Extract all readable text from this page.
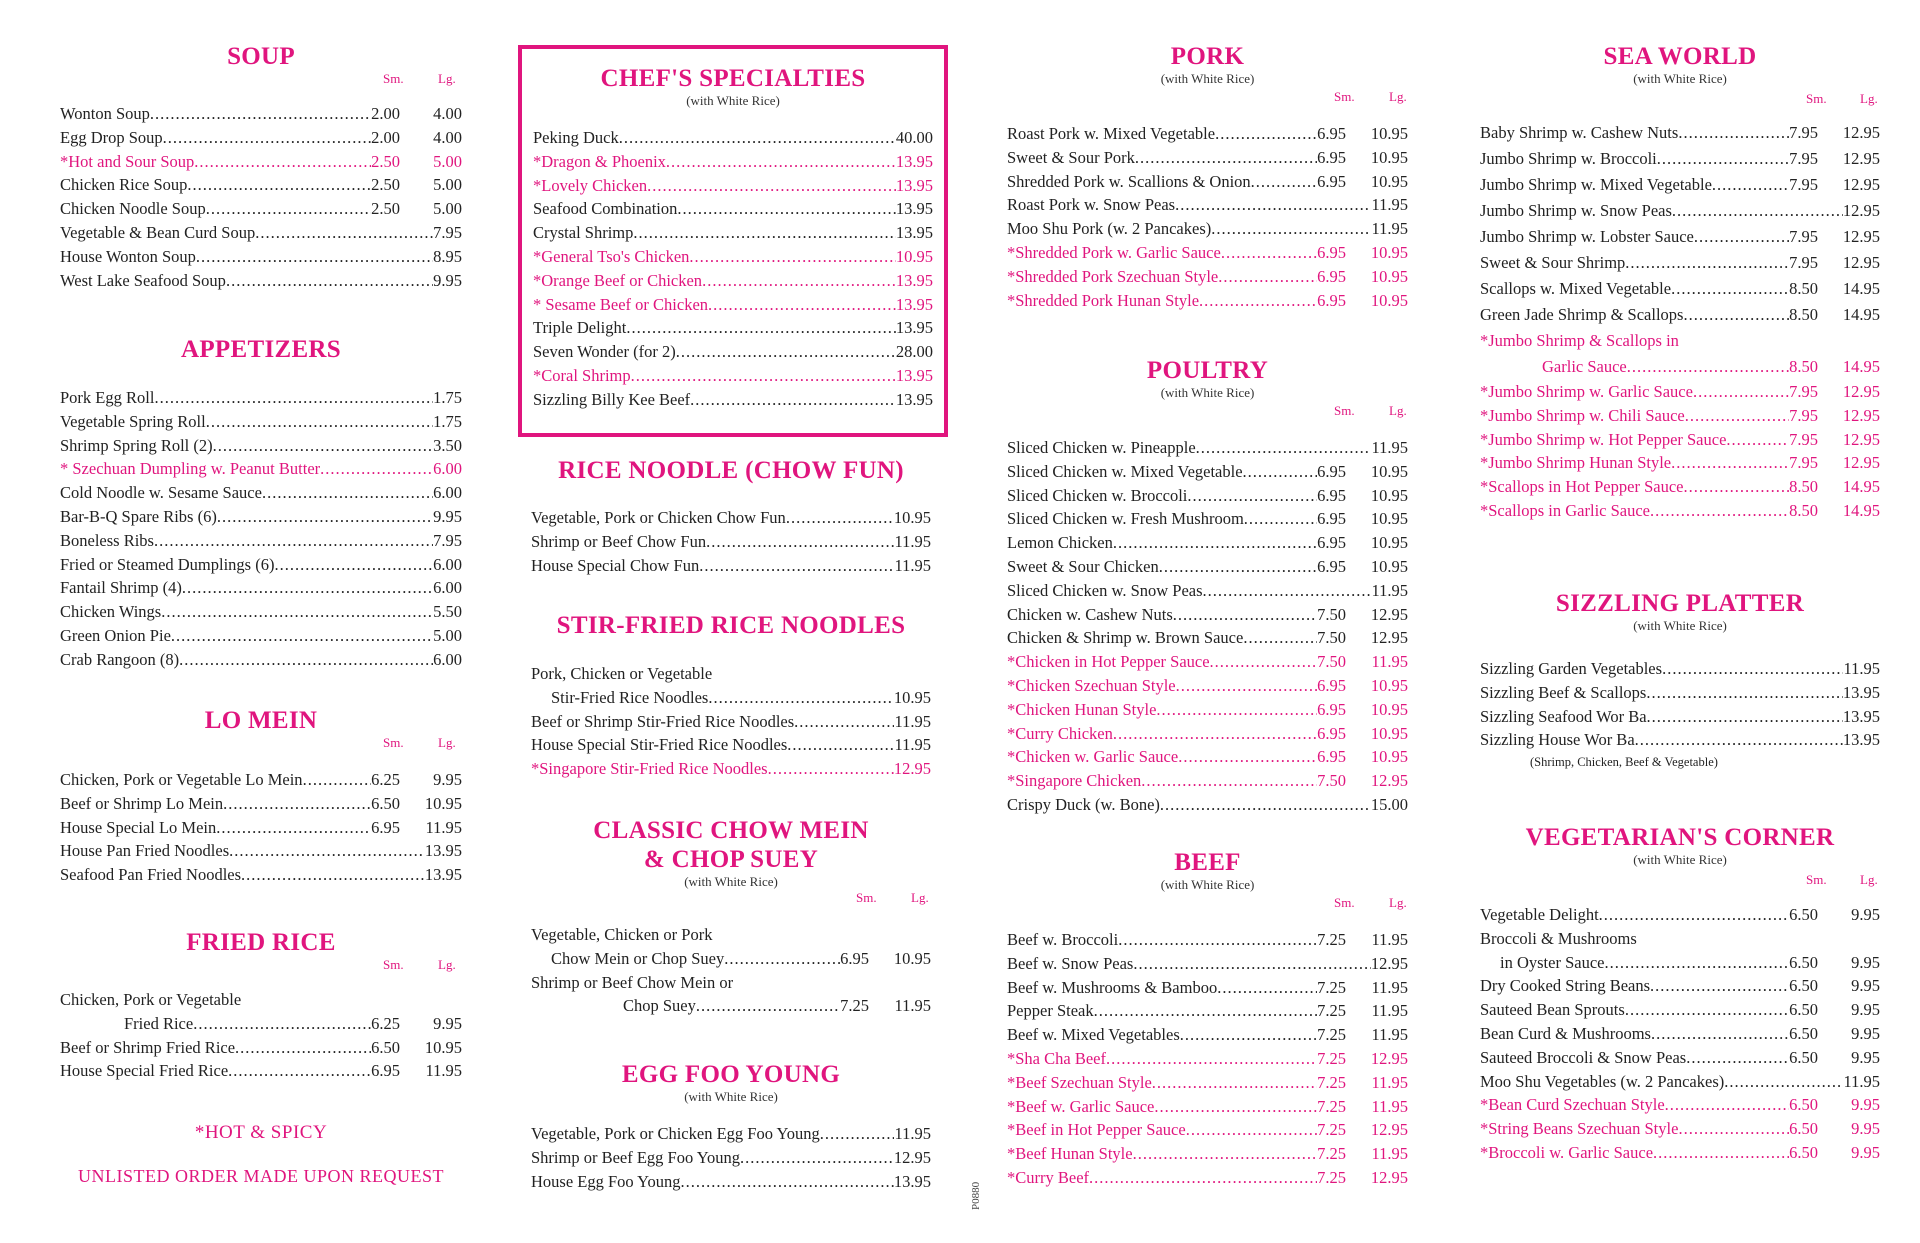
SOUP
Sm.	Lg.
Wonton Soup .....	2.00	4.00
Egg Drop Soup .....	2.00	4.00
*Hot and Sour Soup .....	2.50	5.00
Chicken Rice Soup .....	2.50	5.00
Chicken Noodle Soup .....	2.50	5.00
Vegetable & Bean Curd Soup .....	7.95
House Wonton Soup .....	8.95
West Lake Seafood Soup .....	9.95
APPETIZERS
Pork Egg Roll .....	1.75
Vegetable Spring Roll .....	1.75
Shrimp Spring Roll (2) .....	3.50
* Szechuan Dumpling w. Peanut Butter .....	6.00
Cold Noodle w. Sesame Sauce .....	6.00
Bar-B-Q Spare Ribs (6) .....	9.95
Boneless Ribs .....	7.95
Fried or Steamed Dumplings (6) .....	6.00
Fantail Shrimp (4) .....	6.00
Chicken Wings .....	5.50
Green Onion Pie .....	5.00
Crab Rangoon (8) .....	6.00
LO MEIN
Sm.	Lg.
Chicken, Pork or Vegetable Lo Mein .....	6.25	9.95
Beef or Shrimp Lo Mein .....	6.50	10.95
House Special Lo Mein .....	6.95	11.95
House Pan Fried Noodles .....	13.95
Seafood Pan Fried Noodles .....	13.95
FRIED RICE
Sm.	Lg.
Chicken, Pork or Vegetable
Fried Rice .....	6.25	9.95
Beef or Shrimp Fried Rice .....	6.50	10.95
House Special Fried Rice .....	6.95	11.95
*HOT & SPICY
UNLISTED ORDER MADE UPON REQUEST
CHEF'S SPECIALTIES
(with White Rice)
Peking Duck .....	40.00
*Dragon & Phoenix .....	13.95
*Lovely Chicken .....	13.95
Seafood Combination .....	13.95
Crystal Shrimp .....	13.95
*General Tso's Chicken .....	10.95
*Orange Beef or Chicken .....	13.95
* Sesame Beef or Chicken .....	13.95
Triple Delight .....	13.95
Seven Wonder (for 2) .....	28.00
*Coral Shrimp .....	13.95
Sizzling Billy Kee Beef .....	13.95
RICE NOODLE (CHOW FUN)
Vegetable, Pork or Chicken Chow Fun .....	10.95
Shrimp or Beef Chow Fun .....	11.95
House Special Chow Fun .....	11.95
STIR-FRIED RICE NOODLES
Pork, Chicken or Vegetable
Stir-Fried Rice Noodles .....	10.95
Beef or Shrimp Stir-Fried Rice Noodles .....	11.95
House Special Stir-Fried Rice Noodles .....	11.95
*Singapore Stir-Fried Rice Noodles .....	12.95
CLASSIC CHOW MEIN
& CHOP SUEY
(with White Rice)
Sm.	Lg.
Vegetable, Chicken or Pork
Chow Mein or Chop Suey .....	6.95	10.95
Shrimp or Beef Chow Mein or
Chop Suey .....	7.25	11.95
EGG FOO YOUNG
(with White Rice)
Vegetable, Pork or Chicken Egg Foo Young .....	11.95
Shrimp or Beef Egg Foo Young .....	12.95
House Egg Foo Young .....	13.95
P0880
PORK
(with White Rice)
Sm.	Lg.
Roast Pork w. Mixed Vegetable .....	6.95	10.95
Sweet & Sour Pork .....	6.95	10.95
Shredded Pork w. Scallions & Onion .....	6.95	10.95
Roast Pork w. Snow Peas .....	11.95
Moo Shu Pork (w. 2 Pancakes) .....	11.95
*Shredded Pork w. Garlic Sauce .....	6.95	10.95
*Shredded Pork Szechuan Style .....	6.95	10.95
*Shredded Pork Hunan Style .....	6.95	10.95
POULTRY
(with White Rice)
Sm.	Lg.
Sliced Chicken w. Pineapple .....	11.95
Sliced Chicken w. Mixed Vegetable .....	6.95	10.95
Sliced Chicken w. Broccoli .....	6.95	10.95
Sliced Chicken w. Fresh Mushroom .....	6.95	10.95
Lemon Chicken .....	6.95	10.95
Sweet & Sour Chicken .....	6.95	10.95
Sliced Chicken w. Snow Peas .....	11.95
Chicken w. Cashew Nuts .....	7.50	12.95
Chicken & Shrimp w. Brown Sauce .....	7.50	12.95
*Chicken in Hot Pepper Sauce .....	7.50	11.95
*Chicken Szechuan Style .....	6.95	10.95
*Chicken Hunan Style .....	6.95	10.95
*Curry Chicken .....	6.95	10.95
*Chicken w. Garlic Sauce .....	6.95	10.95
*Singapore Chicken .....	7.50	12.95
Crispy Duck (w. Bone) .....	15.00
BEEF
(with White Rice)
Sm.	Lg.
Beef w. Broccoli .....	7.25	11.95
Beef w. Snow Peas .....	12.95
Beef w. Mushrooms & Bamboo .....	7.25	11.95
Pepper Steak .....	7.25	11.95
Beef w. Mixed Vegetables .....	7.25	11.95
*Sha Cha Beef .....	7.25	12.95
*Beef Szechuan Style .....	7.25	11.95
*Beef w. Garlic Sauce .....	7.25	11.95
*Beef in Hot Pepper Sauce .....	7.25	12.95
*Beef Hunan Style .....	7.25	11.95
*Curry Beef .....	7.25	12.95
SEA WORLD
(with White Rice)
Sm.	Lg.
Baby Shrimp w. Cashew Nuts .....	7.95	12.95
Jumbo Shrimp w. Broccoli .....	7.95	12.95
Jumbo Shrimp w. Mixed Vegetable .....	7.95	12.95
Jumbo Shrimp w. Snow Peas .....	12.95
Jumbo Shrimp w. Lobster Sauce .....	7.95	12.95
Sweet & Sour Shrimp .....	7.95	12.95
Scallops w. Mixed Vegetable .....	8.50	14.95
Green Jade Shrimp & Scallops .....	8.50	14.95
*Jumbo Shrimp & Scallops in
Garlic Sauce .....	8.50	14.95
*Jumbo Shrimp w. Garlic Sauce .....	7.95	12.95
*Jumbo Shrimp w. Chili Sauce .....	7.95	12.95
*Jumbo Shrimp w. Hot Pepper Sauce .....	7.95	12.95
*Jumbo Shrimp Hunan Style .....	7.95	12.95
*Scallops in Hot Pepper Sauce .....	8.50	14.95
*Scallops in Garlic Sauce .....	8.50	14.95
SIZZLING PLATTER
(with White Rice)
Sizzling Garden Vegetables .....	11.95
Sizzling Beef & Scallops .....	13.95
Sizzling Seafood Wor Ba .....	13.95
Sizzling House Wor Ba .....	13.95
(Shrimp, Chicken, Beef & Vegetable)
VEGETARIAN'S CORNER
(with White Rice)
Sm.	Lg.
Vegetable Delight .....	6.50	9.95
Broccoli & Mushrooms
in Oyster Sauce .....	6.50	9.95
Dry Cooked String Beans .....	6.50	9.95
Sauteed Bean Sprouts .....	6.50	9.95
Bean Curd & Mushrooms .....	6.50	9.95
Sauteed Broccoli & Snow Peas .....	6.50	9.95
Moo Shu Vegetables (w. 2 Pancakes) .....	11.95
*Bean Curd Szechuan Style .....	6.50	9.95
*String Beans Szechuan Style .....	6.50	9.95
*Broccoli w. Garlic Sauce .....	6.50	9.95
